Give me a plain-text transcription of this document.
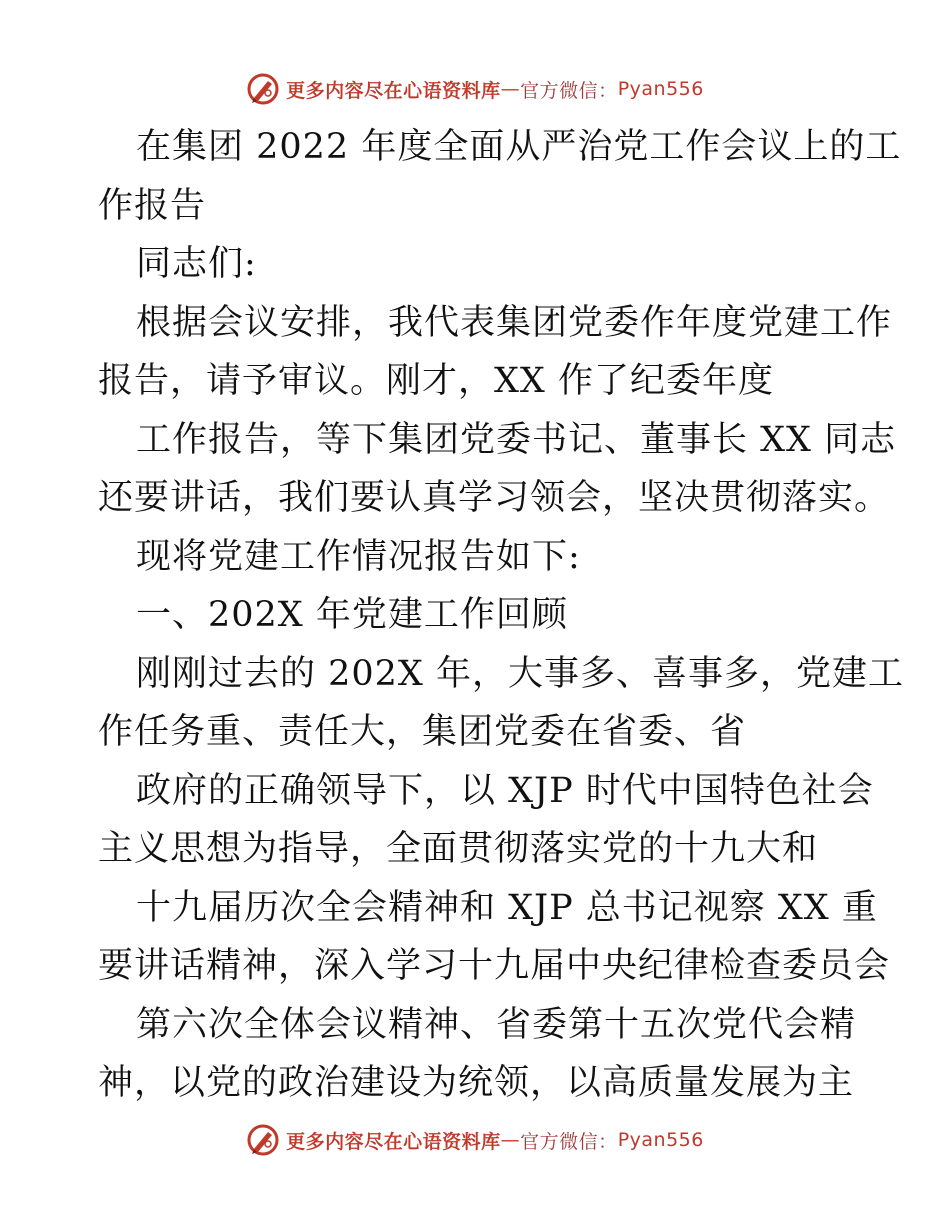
更多内容尽在心语资料库 — 官方微信： Pyan556
在集团 2022 年度全面从严治党工作会议上的工
作报告
同志们:
根据会议安排，我代表集团党委作年度党建工作
报告，请予审议。刚才，XX 作了纪委年度
工作报告，等下集团党委书记、董事长 XX 同志
还要讲话，我们要认真学习领会，坚决贯彻落实。
现将党建工作情况报告如下:
一、202X 年党建工作回顾
刚刚过去的 202X 年，大事多、喜事多，党建工
作任务重、责任大，集团党委在省委、省
政府的正确领导下，以 XJP 时代中国特色社会
主义思想为指导，全面贯彻落实党的十九大和
十九届历次全会精神和 XJP 总书记视察 XX 重
要讲话精神，深入学习十九届中央纪律检查委员会
第六次全体会议精神、省委第十五次党代会精
神，以党的政治建设为统领，以高质量发展为主
更多内容尽在心语资料库 — 官方微信： Pyan556
